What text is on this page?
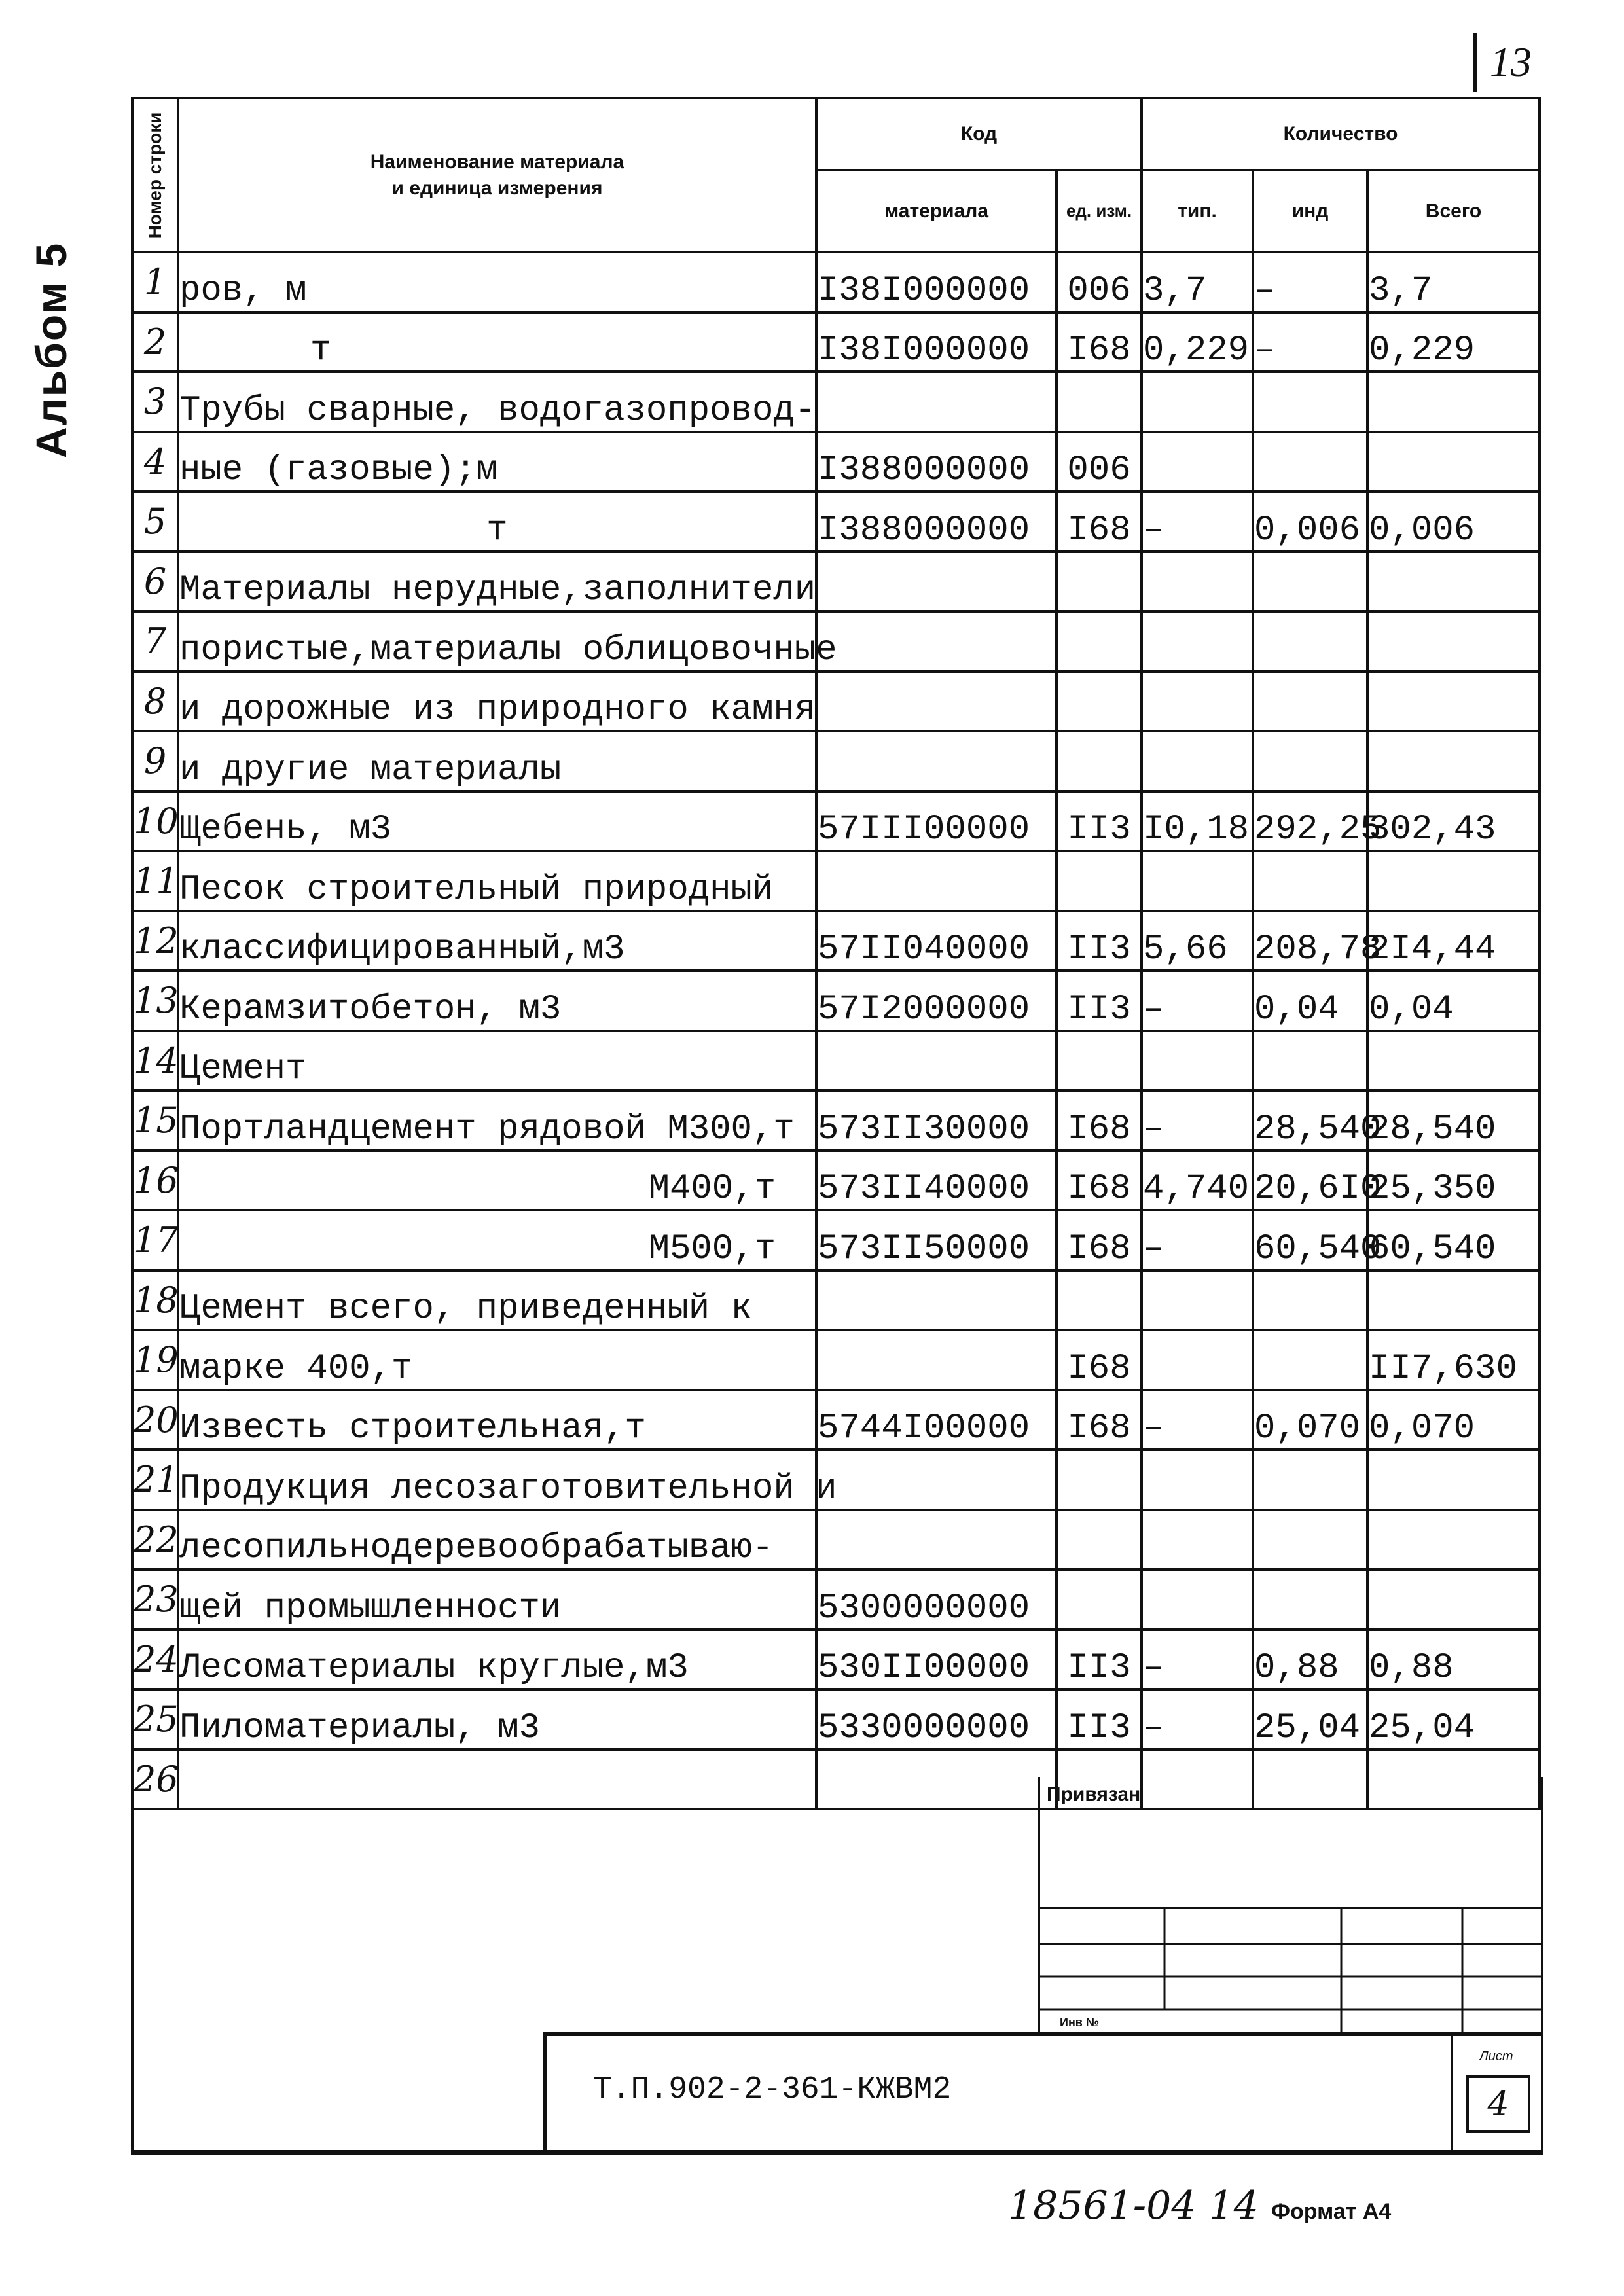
13
Альбом 5
Номер строки	Наименование материала
и единица измерения	Код		Количество		
		материала	ед. изм.	тип.	инд	Всего
1	ров, м	I38I000000	006	3,7	–	3,7
2	т	I38I000000	I68	0,229	–	0,229
3	Трубы сварные, водогазопровод-					
4	ные (газовые);м	I388000000	006			
5	т	I388000000	I68	–	0,006	0,006
6	Материалы нерудные,заполнители					
7	пористые,материалы облицовочные					
8	и дорожные из природного камня					
9	и другие материалы					
10	Щебень, м3	57III00000	II3	I0,18	292,25	302,43
11	Песок строительный природный					
12	классифицированный,м3	57II040000	II3	5,66	208,78	2I4,44
13	Керамзитобетон, м3	57I2000000	II3	–	0,04	0,04
14	Цемент					
15	Портландцемент рядовой М300,т	573II30000	I68	–	28,540	28,540
16	М400,т	573II40000	I68	4,740	20,6I0	25,350
17	М500,т	573II50000	I68	–	60,540	60,540
18	Цемент всего, приведенный к					
19	марке 400,т		I68			II7,630
20	Известь строительная,т	5744I00000	I68	–	0,070	0,070
21	Продукция лесозаготовительной и					
22	лесопильнодеревообрабатываю-					
23	щей промышленности	5300000000				
24	Лесоматериалы круглые,м3	530II00000	II3	–	0,88	0,88
25	Пиломатериалы, м3	5330000000	II3	–	25,04	25,04
26							Привязан
Инв №
Т.П.902-2-361-КЖВМ2
Лист
4
18561-04 14 Формат А4
